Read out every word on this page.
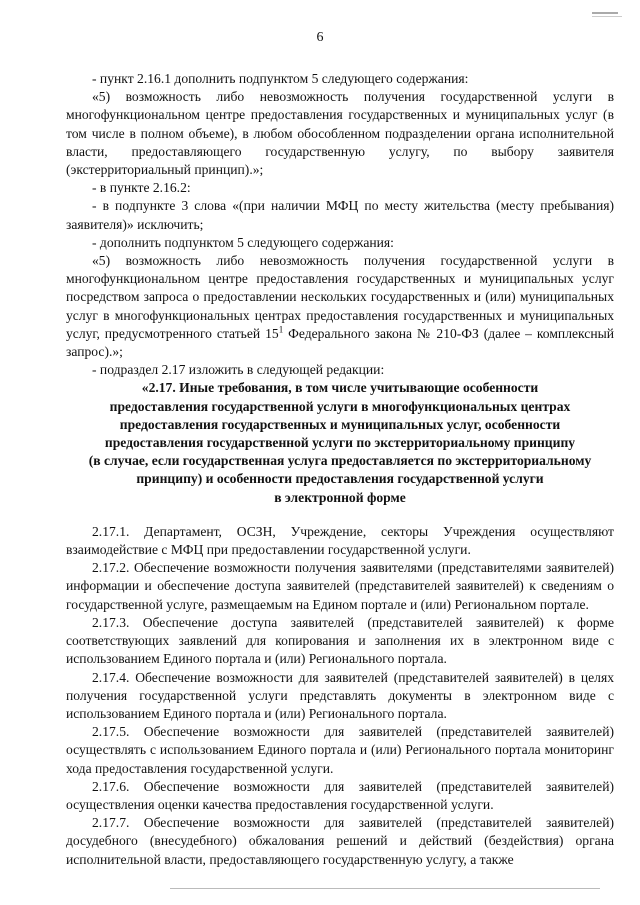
6

- пункт 2.16.1 дополнить подпунктом 5 следующего содержания:

«5) возможность либо невозможность получения государственной услуги в многофункциональном центре предоставления государственных и муниципальных услуг (в том числе в полном объеме), в любом обособленном подразделении органа исполнительной власти, предоставляющего государственную услугу, по выбору заявителя (экстерриториальный принцип).»;

- в пункте 2.16.2:

- в подпункте 3 слова «(при наличии МФЦ по месту жительства (месту пребывания) заявителя)» исключить;

- дополнить подпунктом 5 следующего содержания:

«5) возможность либо невозможность получения государственной услуги в многофункциональном центре предоставления государственных и муниципальных услуг посредством запроса о предоставлении нескольких государственных и (или) муниципальных услуг в многофункциональных центрах предоставления государственных и муниципальных услуг, предусмотренного статьей $15^1$ Федерального закона № 210-ФЗ (далее – комплексный запрос).»;

- подраздел 2.17 изложить в следующей редакции:

«2.17. Иные требования, в том числе учитывающие особенности
предоставления государственной услуги в многофункциональных центрах
предоставления государственных и муниципальных услуг, особенности
предоставления государственной услуги по экстерриториальному принципу
(в случае, если государственная услуга предоставляется по экстерриториальному
принципу) и особенности предоставления государственной услуги
в электронной форме

2.17.1. Департамент, ОСЗН, Учреждение, секторы Учреждения осуществляют взаимодействие с МФЦ при предоставлении государственной услуги.

2.17.2. Обеспечение возможности получения заявителями (представителями заявителей) информации и обеспечение доступа заявителей (представителей заявителей) к сведениям о государственной услуге, размещаемым на Едином портале и (или) Региональном портале.

2.17.3. Обеспечение доступа заявителей (представителей заявителей) к форме соответствующих заявлений для копирования и заполнения их в электронном виде с использованием Единого портала и (или) Регионального портала.

2.17.4. Обеспечение возможности для заявителей (представителей заявителей) в целях получения государственной услуги представлять документы в электронном виде с использованием Единого портала и (или) Регионального портала.

2.17.5. Обеспечение возможности для заявителей (представителей заявителей) осуществлять с использованием Единого портала и (или) Регионального портала мониторинг хода предоставления государственной услуги.

2.17.6. Обеспечение возможности для заявителей (представителей заявителей) осуществления оценки качества предоставления государственной услуги.

2.17.7. Обеспечение возможности для заявителей (представителей заявителей) досудебного (внесудебного) обжалования решений и действий (бездействия) органа исполнительной власти, предоставляющего государственную услугу, а также
